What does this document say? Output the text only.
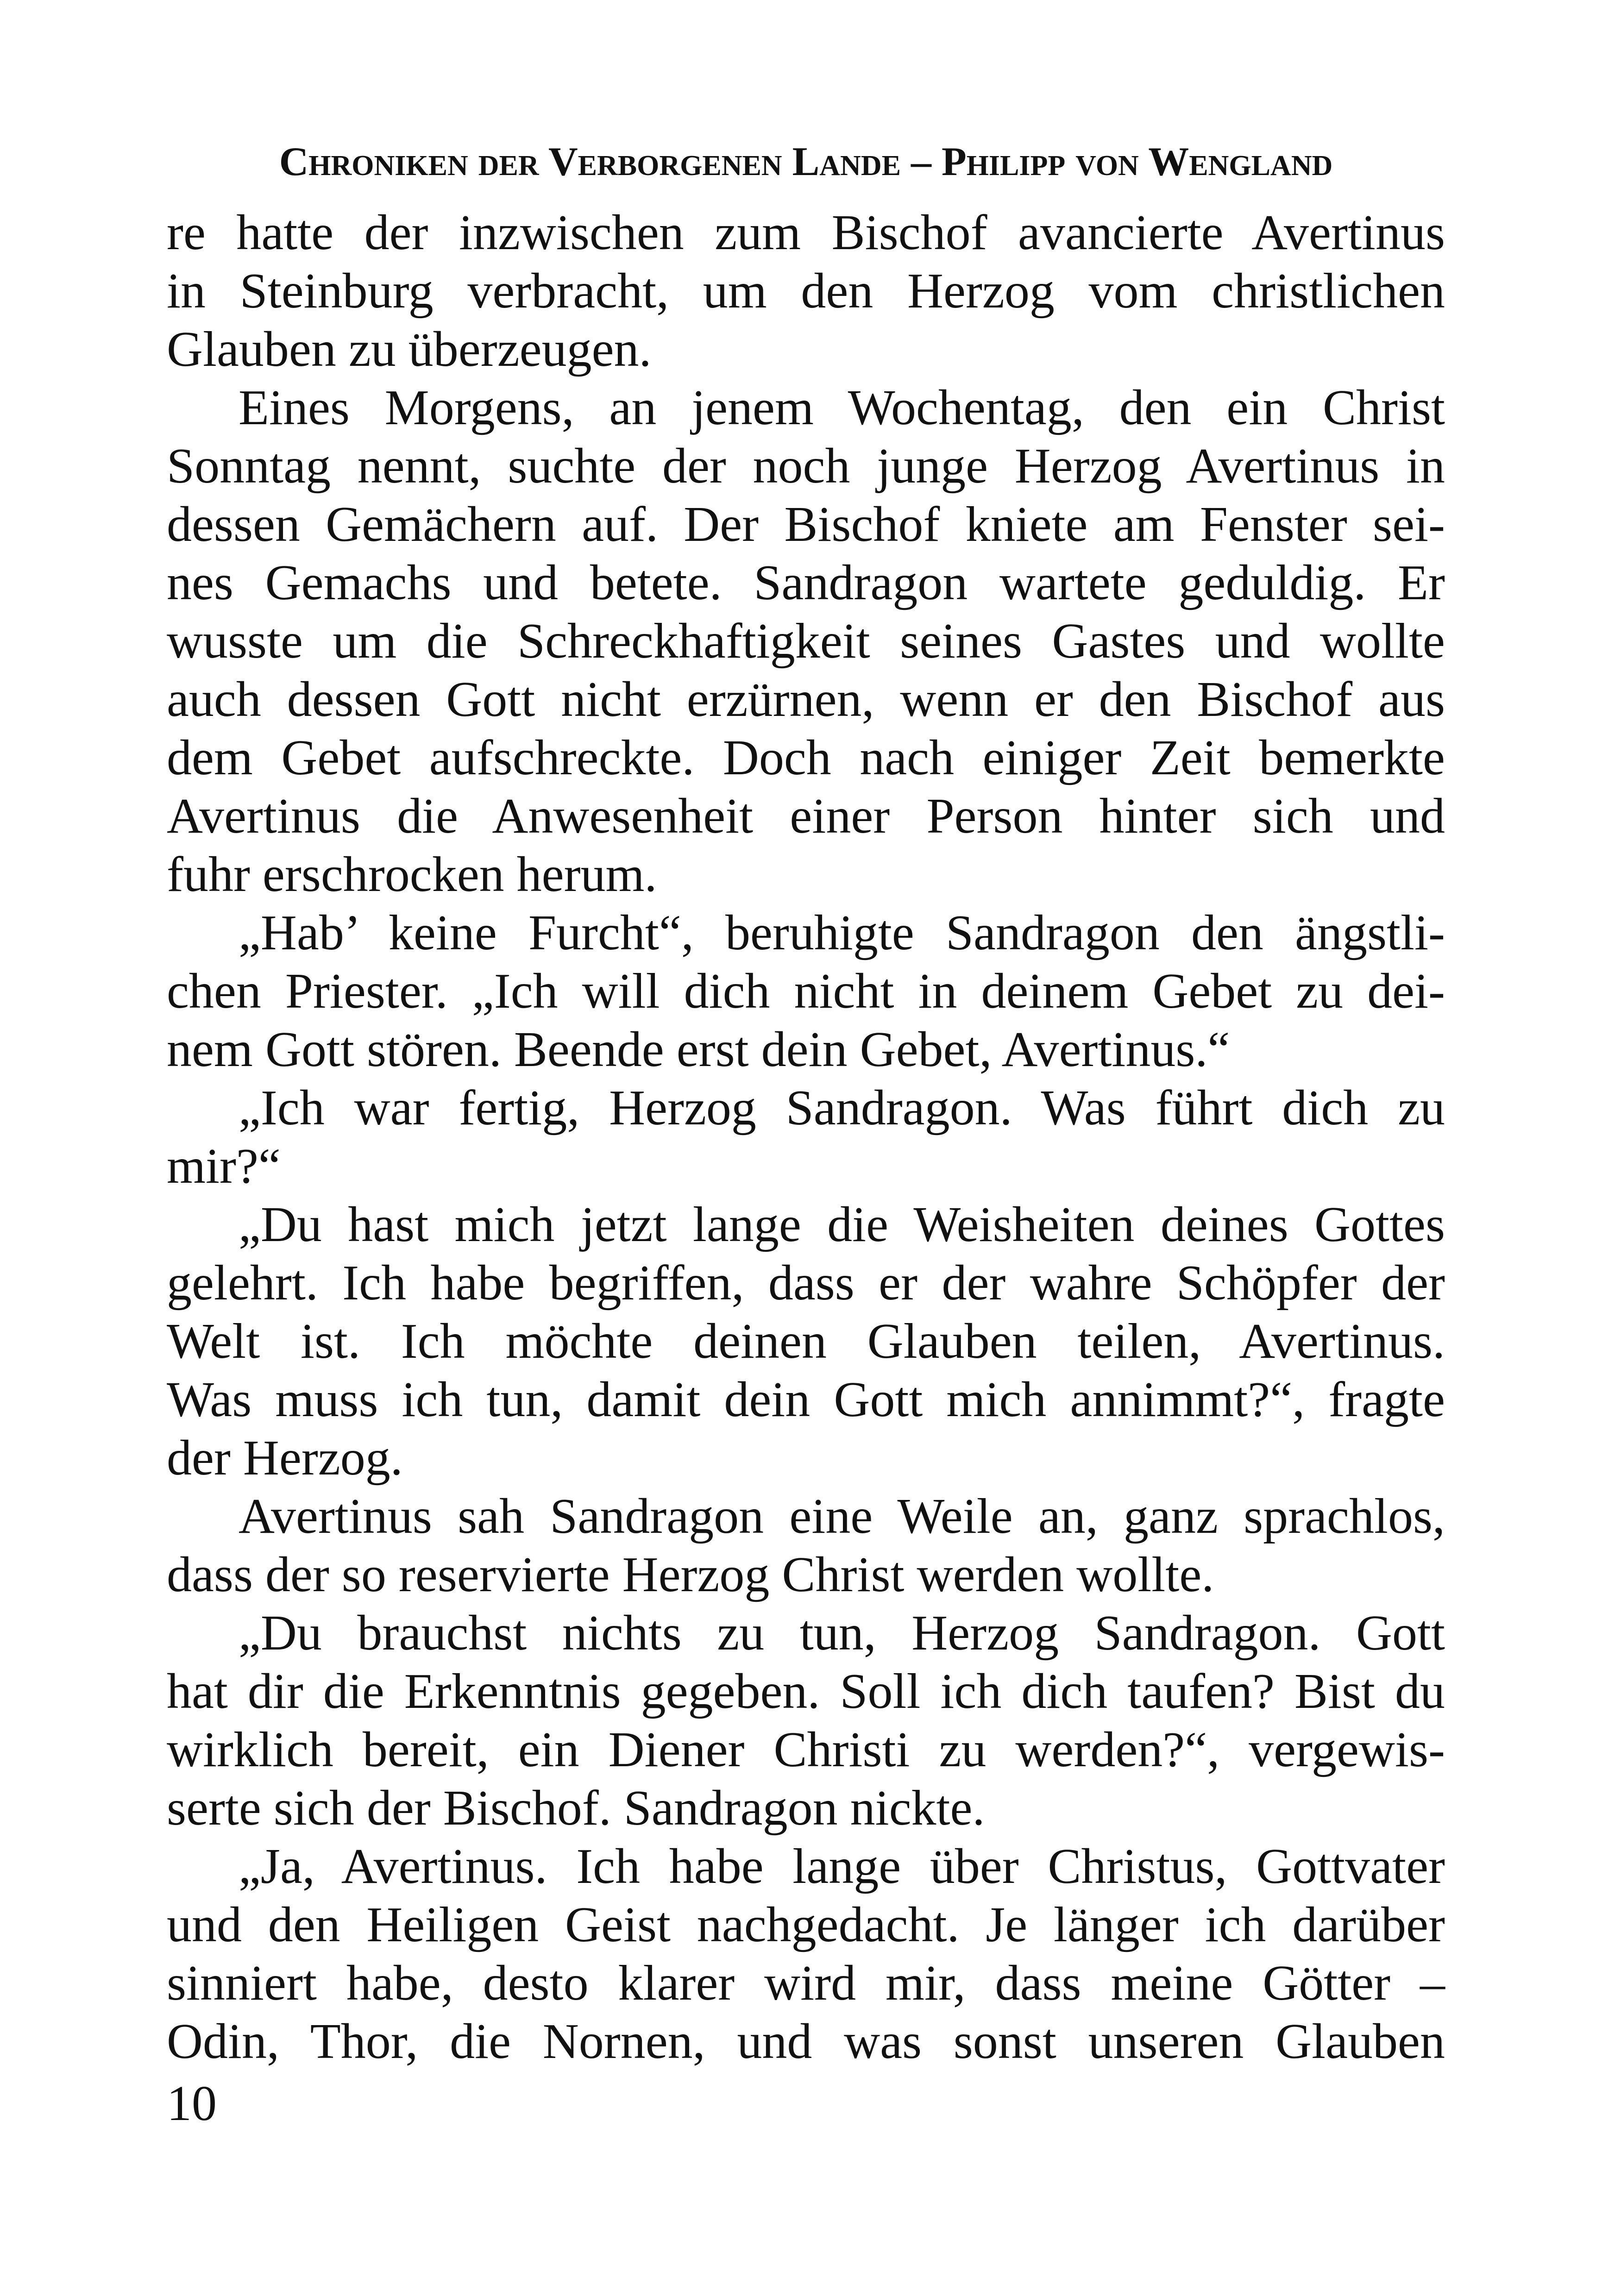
Chroniken der Verborgenen Lande – Philipp von Wengland
re hatte der inzwischen zum Bischof avancierte Avertinus
in Steinburg verbracht, um den Herzog vom christlichen
Glauben zu überzeugen.
Eines Morgens, an jenem Wochentag, den ein Christ
Sonntag nennt, suchte der noch junge Herzog Avertinus in
dessen Gemächern auf. Der Bischof kniete am Fenster sei-
nes Gemachs und betete. Sandragon wartete geduldig. Er
wusste um die Schreckhaftigkeit seines Gastes und wollte
auch dessen Gott nicht erzürnen, wenn er den Bischof aus
dem Gebet aufschreckte. Doch nach einiger Zeit bemerkte
Avertinus die Anwesenheit einer Person hinter sich und
fuhr erschrocken herum.
„Hab’ keine Furcht“, beruhigte Sandragon den ängstli-
chen Priester. „Ich will dich nicht in deinem Gebet zu dei-
nem Gott stören. Beende erst dein Gebet, Avertinus.“
„Ich war fertig, Herzog Sandragon. Was führt dich zu
mir?“
„Du hast mich jetzt lange die Weisheiten deines Gottes
gelehrt. Ich habe begriffen, dass er der wahre Schöpfer der
Welt ist. Ich möchte deinen Glauben teilen, Avertinus.
Was muss ich tun, damit dein Gott mich annimmt?“, fragte
der Herzog.
Avertinus sah Sandragon eine Weile an, ganz sprachlos,
dass der so reservierte Herzog Christ werden wollte.
„Du brauchst nichts zu tun, Herzog Sandragon. Gott
hat dir die Erkenntnis gegeben. Soll ich dich taufen? Bist du
wirklich bereit, ein Diener Christi zu werden?“, vergewis-
serte sich der Bischof. Sandragon nickte.
„Ja, Avertinus. Ich habe lange über Christus, Gottvater
und den Heiligen Geist nachgedacht. Je länger ich darüber
sinniert habe, desto klarer wird mir, dass meine Götter –
Odin, Thor, die Nornen, und was sonst unseren Glauben
10
